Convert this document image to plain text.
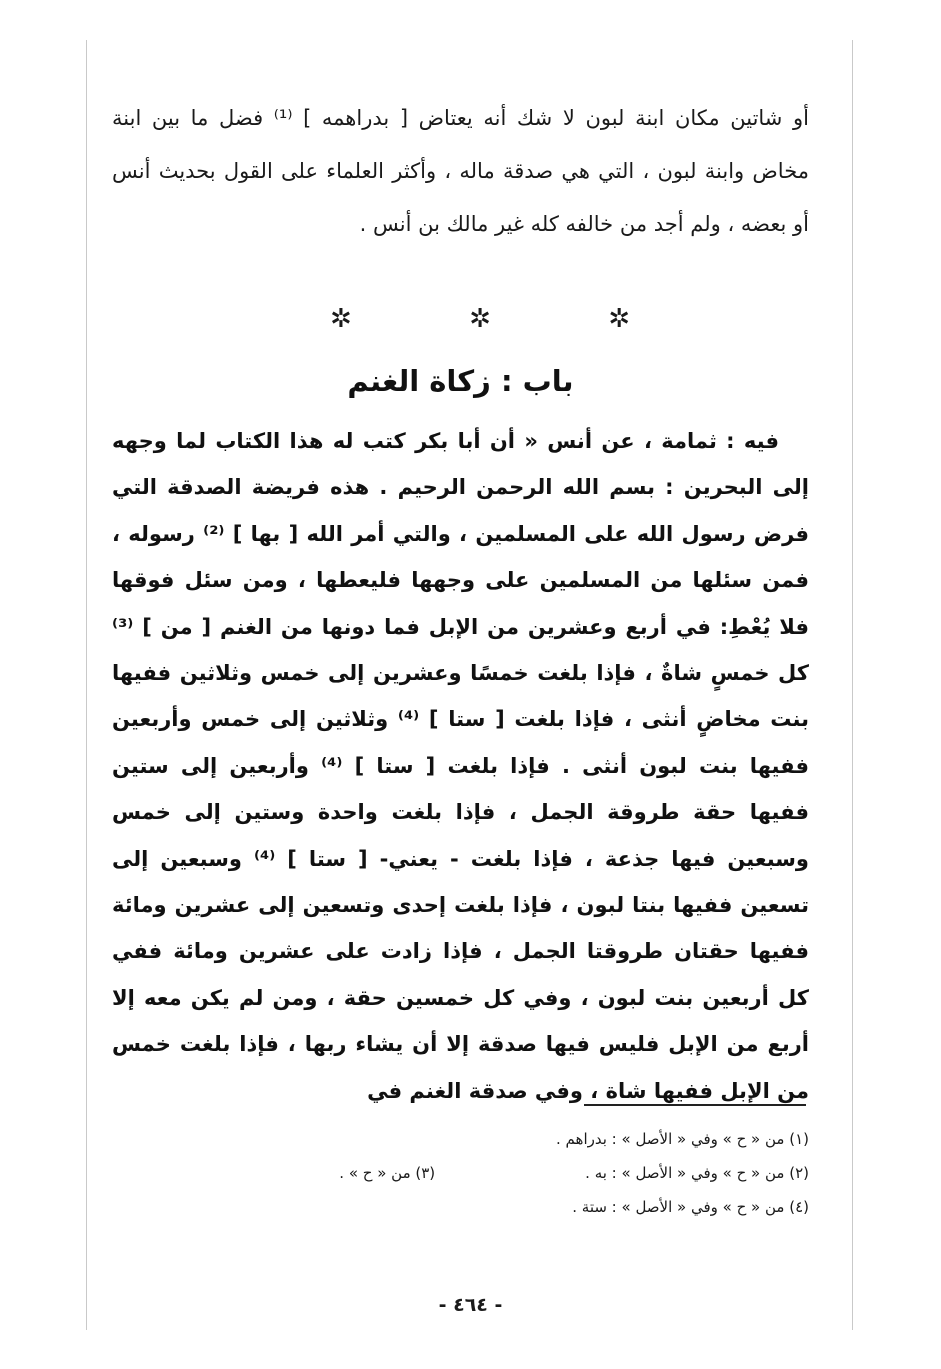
أو شاتين مكان ابنة لبون لا شك أنه يعتاض [ بدراهمه ] ⁽¹⁾ فضل ما بين ابنة مخاض وابنة لبون ، التي هي صدقة ماله ، وأكثر العلماء على القول بحديث أنس أو بعضه ، ولم أجد من خالفه كله غير مالك بن أنس .

✲	✲	✲
باب : زكاة الغنم

فيه : ثمامة ، عن أنس « أن أبا بكر كتب له هذا الكتاب لما وجهه إلى البحرين : بسم الله الرحمن الرحيم . هذه فريضة الصدقة التي فرض رسول الله على المسلمين ، والتي أمر الله [ بها ] ⁽²⁾ رسوله ، فمن سئلها من المسلمين على وجهها فليعطها ، ومن سئل فوقها فلا يُعْطِ: في أربع وعشرين من الإبل فما دونها من الغنم [ من ] ⁽³⁾ كل خمسٍ شاةٌ ، فإذا بلغت خمسًا وعشرين إلى خمس وثلاثين ففيها بنت مخاضٍ أنثى ، فإذا بلغت [ ستا ] ⁽⁴⁾ وثلاثين إلى خمس وأربعين ففيها بنت لبون أنثى . فإذا بلغت [ ستا ] ⁽⁴⁾ وأربعين إلى ستين ففيها حقة طروقة الجمل ، فإذا بلغت واحدة وستين إلى خمس وسبعين فيها جذعة ، فإذا بلغت - يعني- [ ستا ] ⁽⁴⁾ وسبعين إلى تسعين ففيها بنتا لبون ، فإذا بلغت إحدى وتسعين إلى عشرين ومائة ففيها حقتان طروقتا الجمل ، فإذا زادت على عشرين ومائة ففي كل أربعين بنت لبون ، وفي كل خمسين حقة ، ومن لم يكن معه إلا أربع من الإبل فليس فيها صدقة إلا أن يشاء ربها ، فإذا بلغت خمس من الإبل ففيها شاة ، وفي صدقة الغنم في

(١) من « ح » وفي « الأصل » : بدراهم .
(٢) من « ح » وفي « الأصل » : به .
(٣) من « ح » .
(٤) من « ح » وفي « الأصل » : ستة .
- ٤٦٤ -
